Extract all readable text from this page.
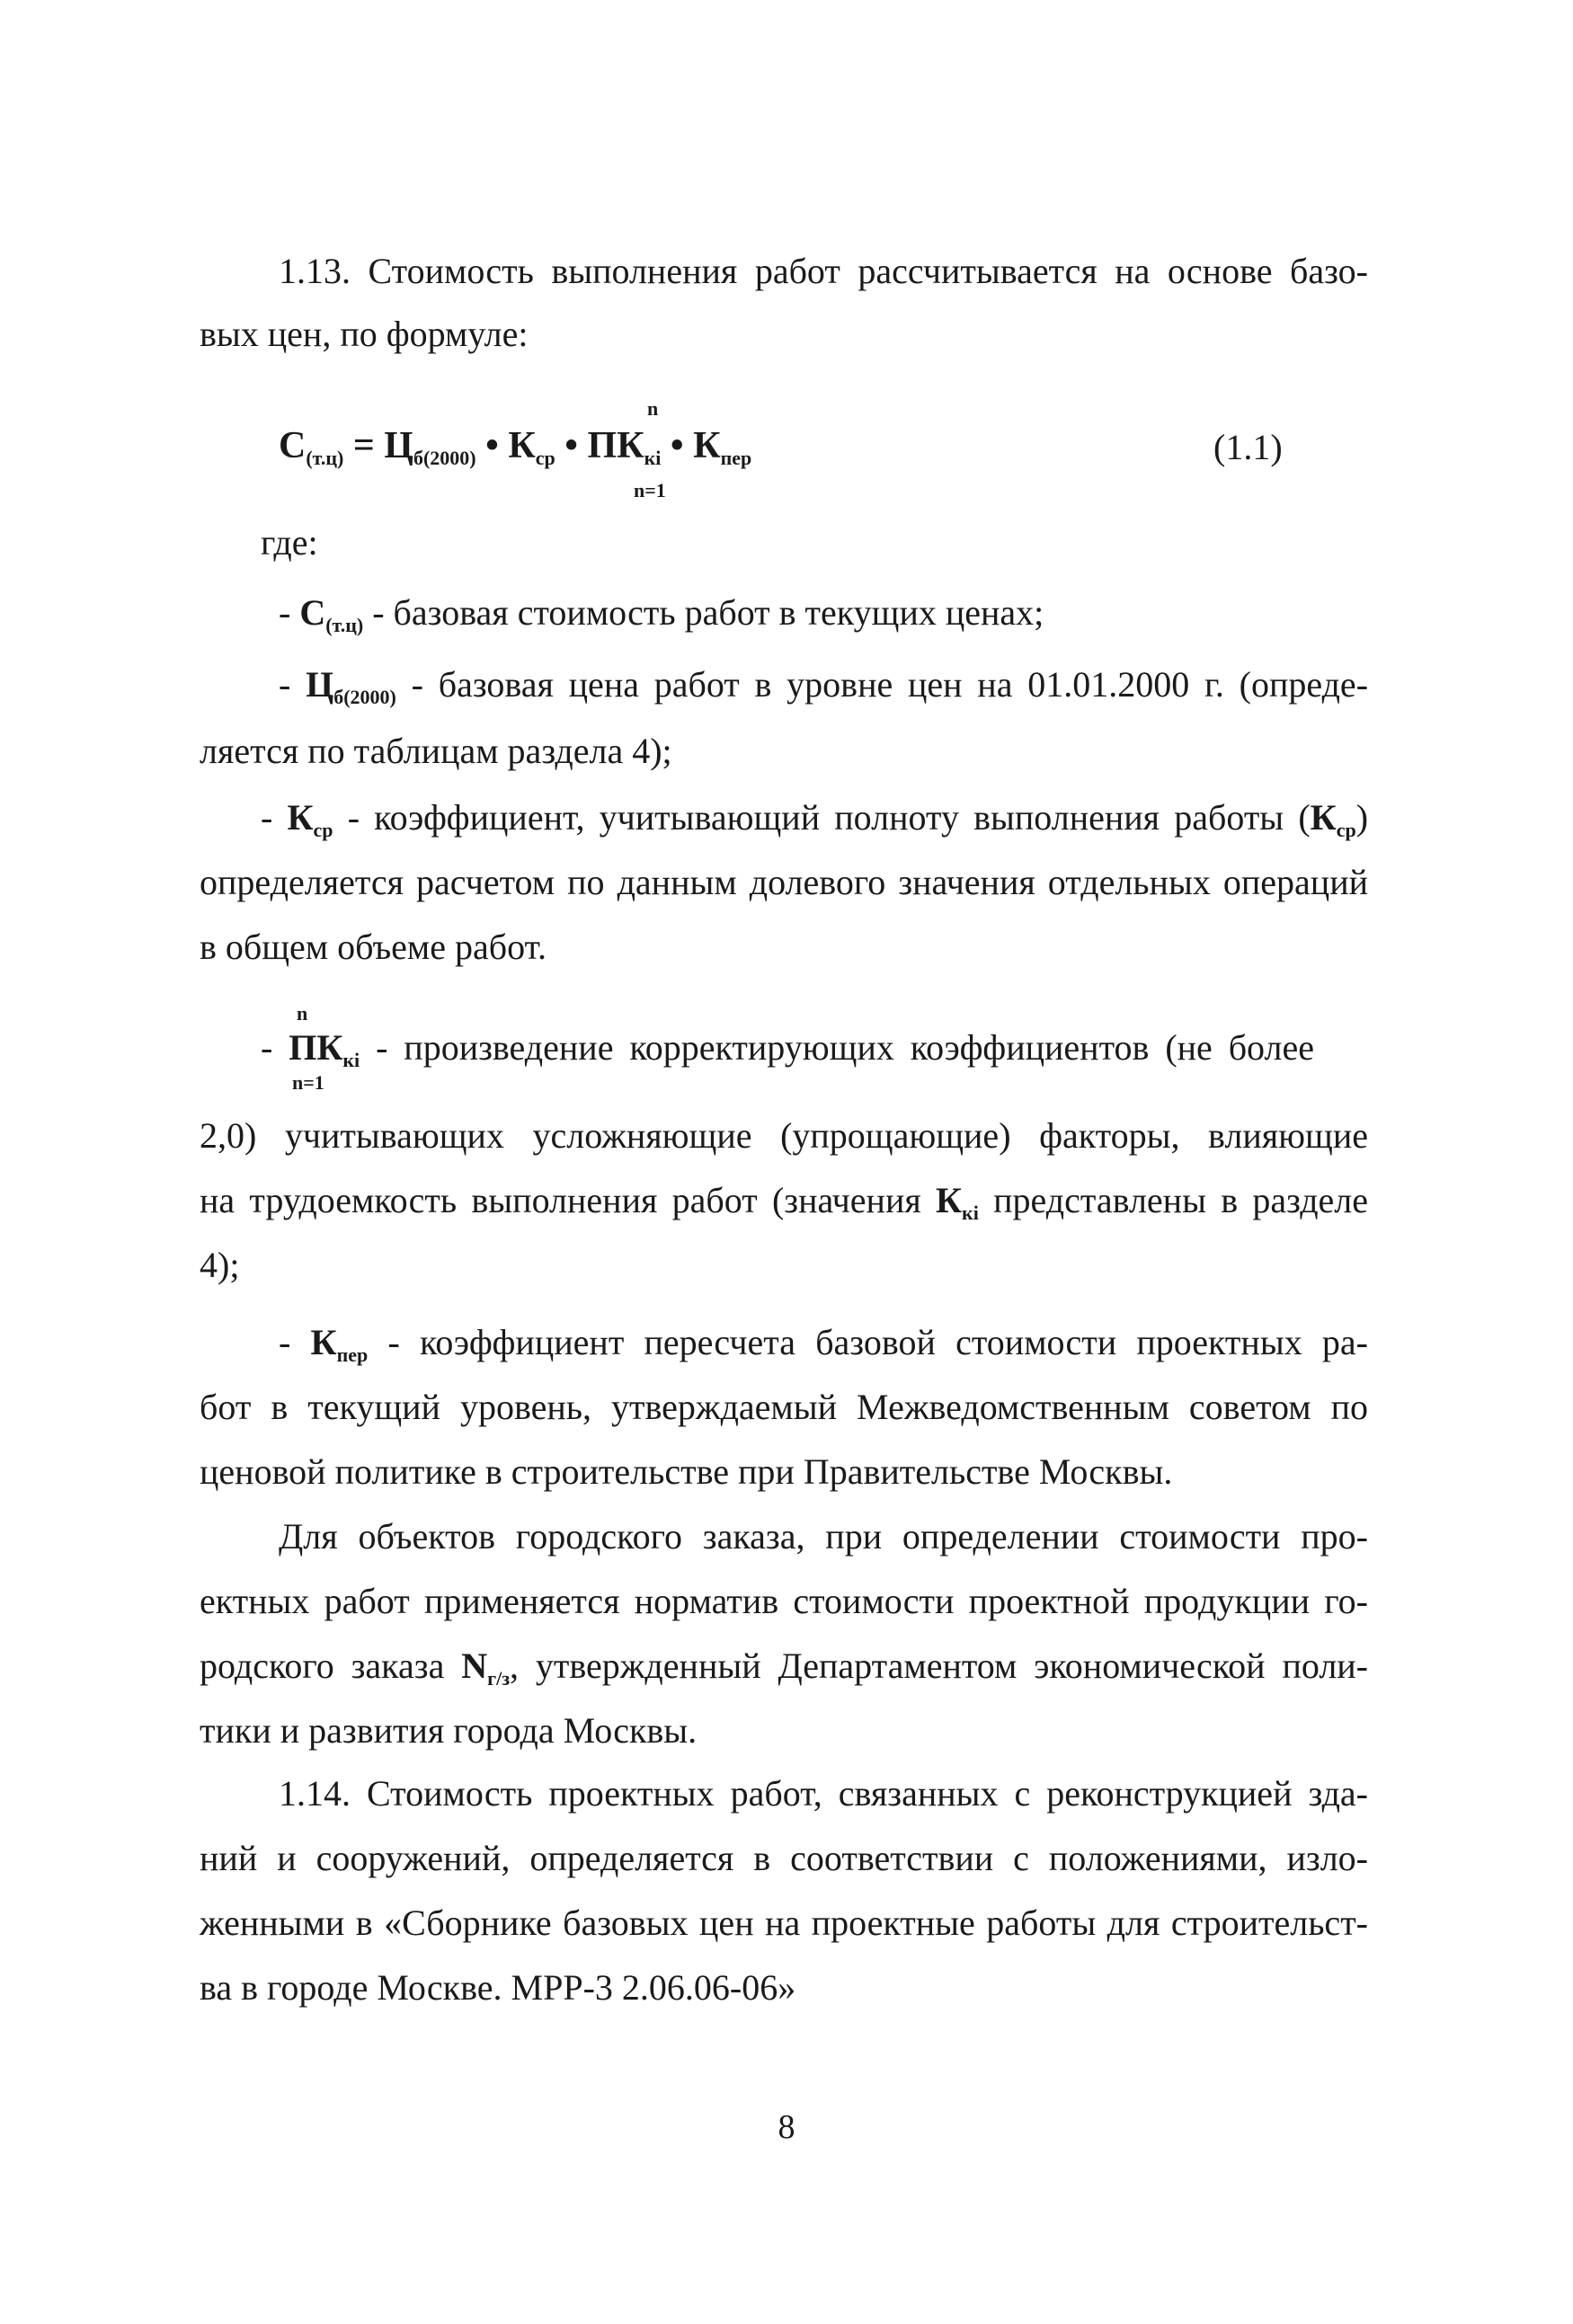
1.13. Стоимость выполнения работ рассчитывается на основе базо-
вых цен, по формуле:
n
$С_{(т.ц)} = Ц_{б(2000)}$ • $К_{ср}$ • $ПК_{кi}$ • $К_{пер}$
n=1
(1.1)
где:
- $С_{(т.ц)}$ - базовая стоимость работ в текущих ценах;
- $Ц_{б(2000)}$ - базовая цена работ в уровне цен на 01.01.2000 г. (опреде-
ляется по таблицам раздела 4);
- $К_{ср}$ - коэффициент, учитывающий полноту выполнения работы $(К_{ср})$
определяется расчетом по данным долевого значения отдельных операций
в общем объеме работ.
n
- $ПК_{кi}$ - произведение корректирующих коэффициентов (не более
n=1
2,0) учитывающих усложняющие (упрощающие) факторы, влияющие
на трудоемкость выполнения работ (значения $К_{кi}$ представлены в разделе
4);
- $К_{пер}$ - коэффициент пересчета базовой стоимости проектных ра-
бот в текущий уровень, утверждаемый Межведомственным советом по
ценовой политике в строительстве при Правительстве Москвы.
Для объектов городского заказа, при определении стоимости про-
ектных работ применяется норматив стоимости проектной продукции го-
родского заказа $N_{г/з}$, утвержденный Департаментом экономической поли-
тики и развития города Москвы.
1.14. Стоимость проектных работ, связанных с реконструкцией зда-
ний и сооружений, определяется в соответствии с положениями, изло-
женными в «Сборнике базовых цен на проектные работы для строительст-
ва в городе Москве. МРР-3 2.06.06-06»
8
